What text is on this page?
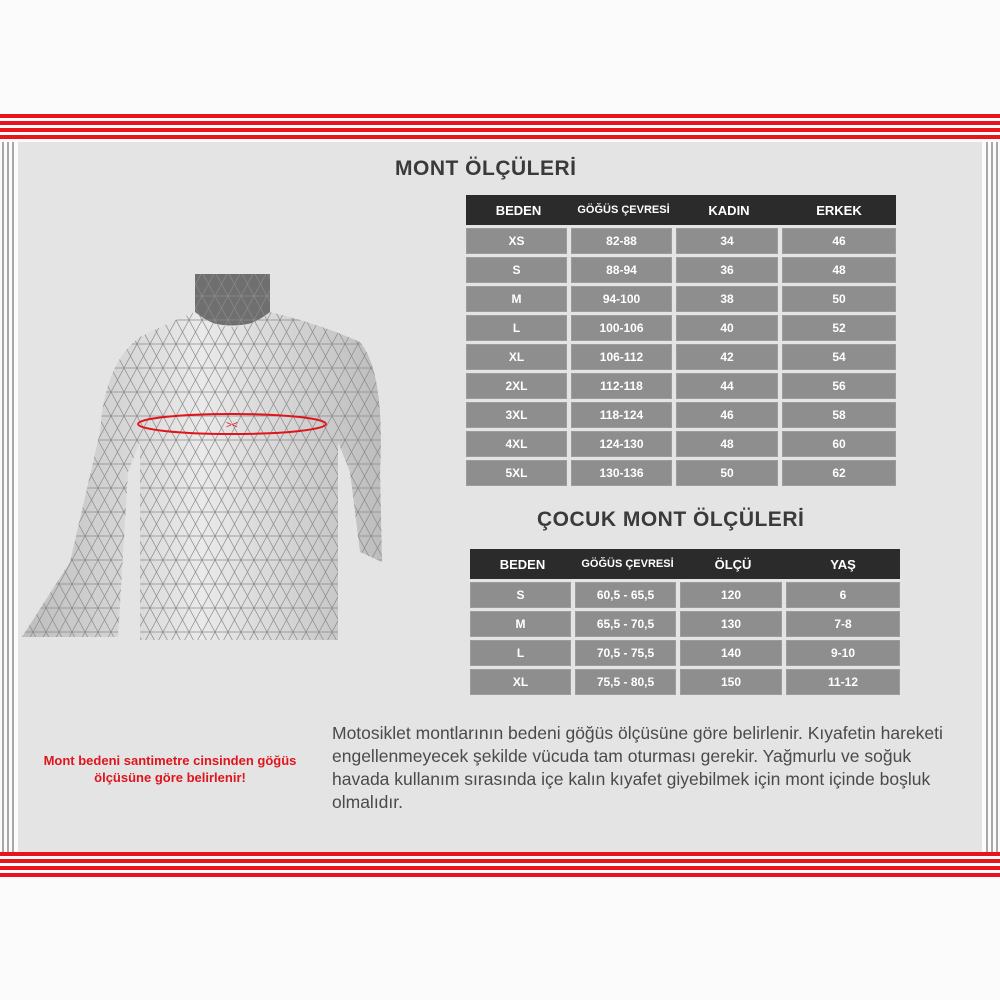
MONT ÖLÇÜLERİ
BEDEN	GÖĞÜS ÇEVRESİ	KADIN	ERKEK
XS	82-88	34	46
S	88-94	36	48
M	94-100	38	50
L	100-106	40	52
XL	106-112	42	54
2XL	112-118	44	56
3XL	118-124	46	58
4XL	124-130	48	60
5XL	130-136	50	62
ÇOCUK MONT ÖLÇÜLERİ
BEDEN	GÖĞÜS ÇEVRESİ	ÖLÇÜ	YAŞ
S	60,5 - 65,5	120	6
M	65,5 - 70,5	130	7-8
L	70,5 - 75,5	140	9-10
XL	75,5 - 80,5	150	11-12
><
Mont bedeni santimetre cinsinden göğüs ölçüsüne göre belirlenir!
Motosiklet montlarının bedeni göğüs ölçüsüne göre belirlenir. Kıyafetin hareketi engellenmeyecek şekilde vücuda tam oturması gerekir. Yağmurlu ve soğuk havada kullanım sırasında içe kalın kıyafet giyebilmek için mont içinde boşluk olmalıdır.
